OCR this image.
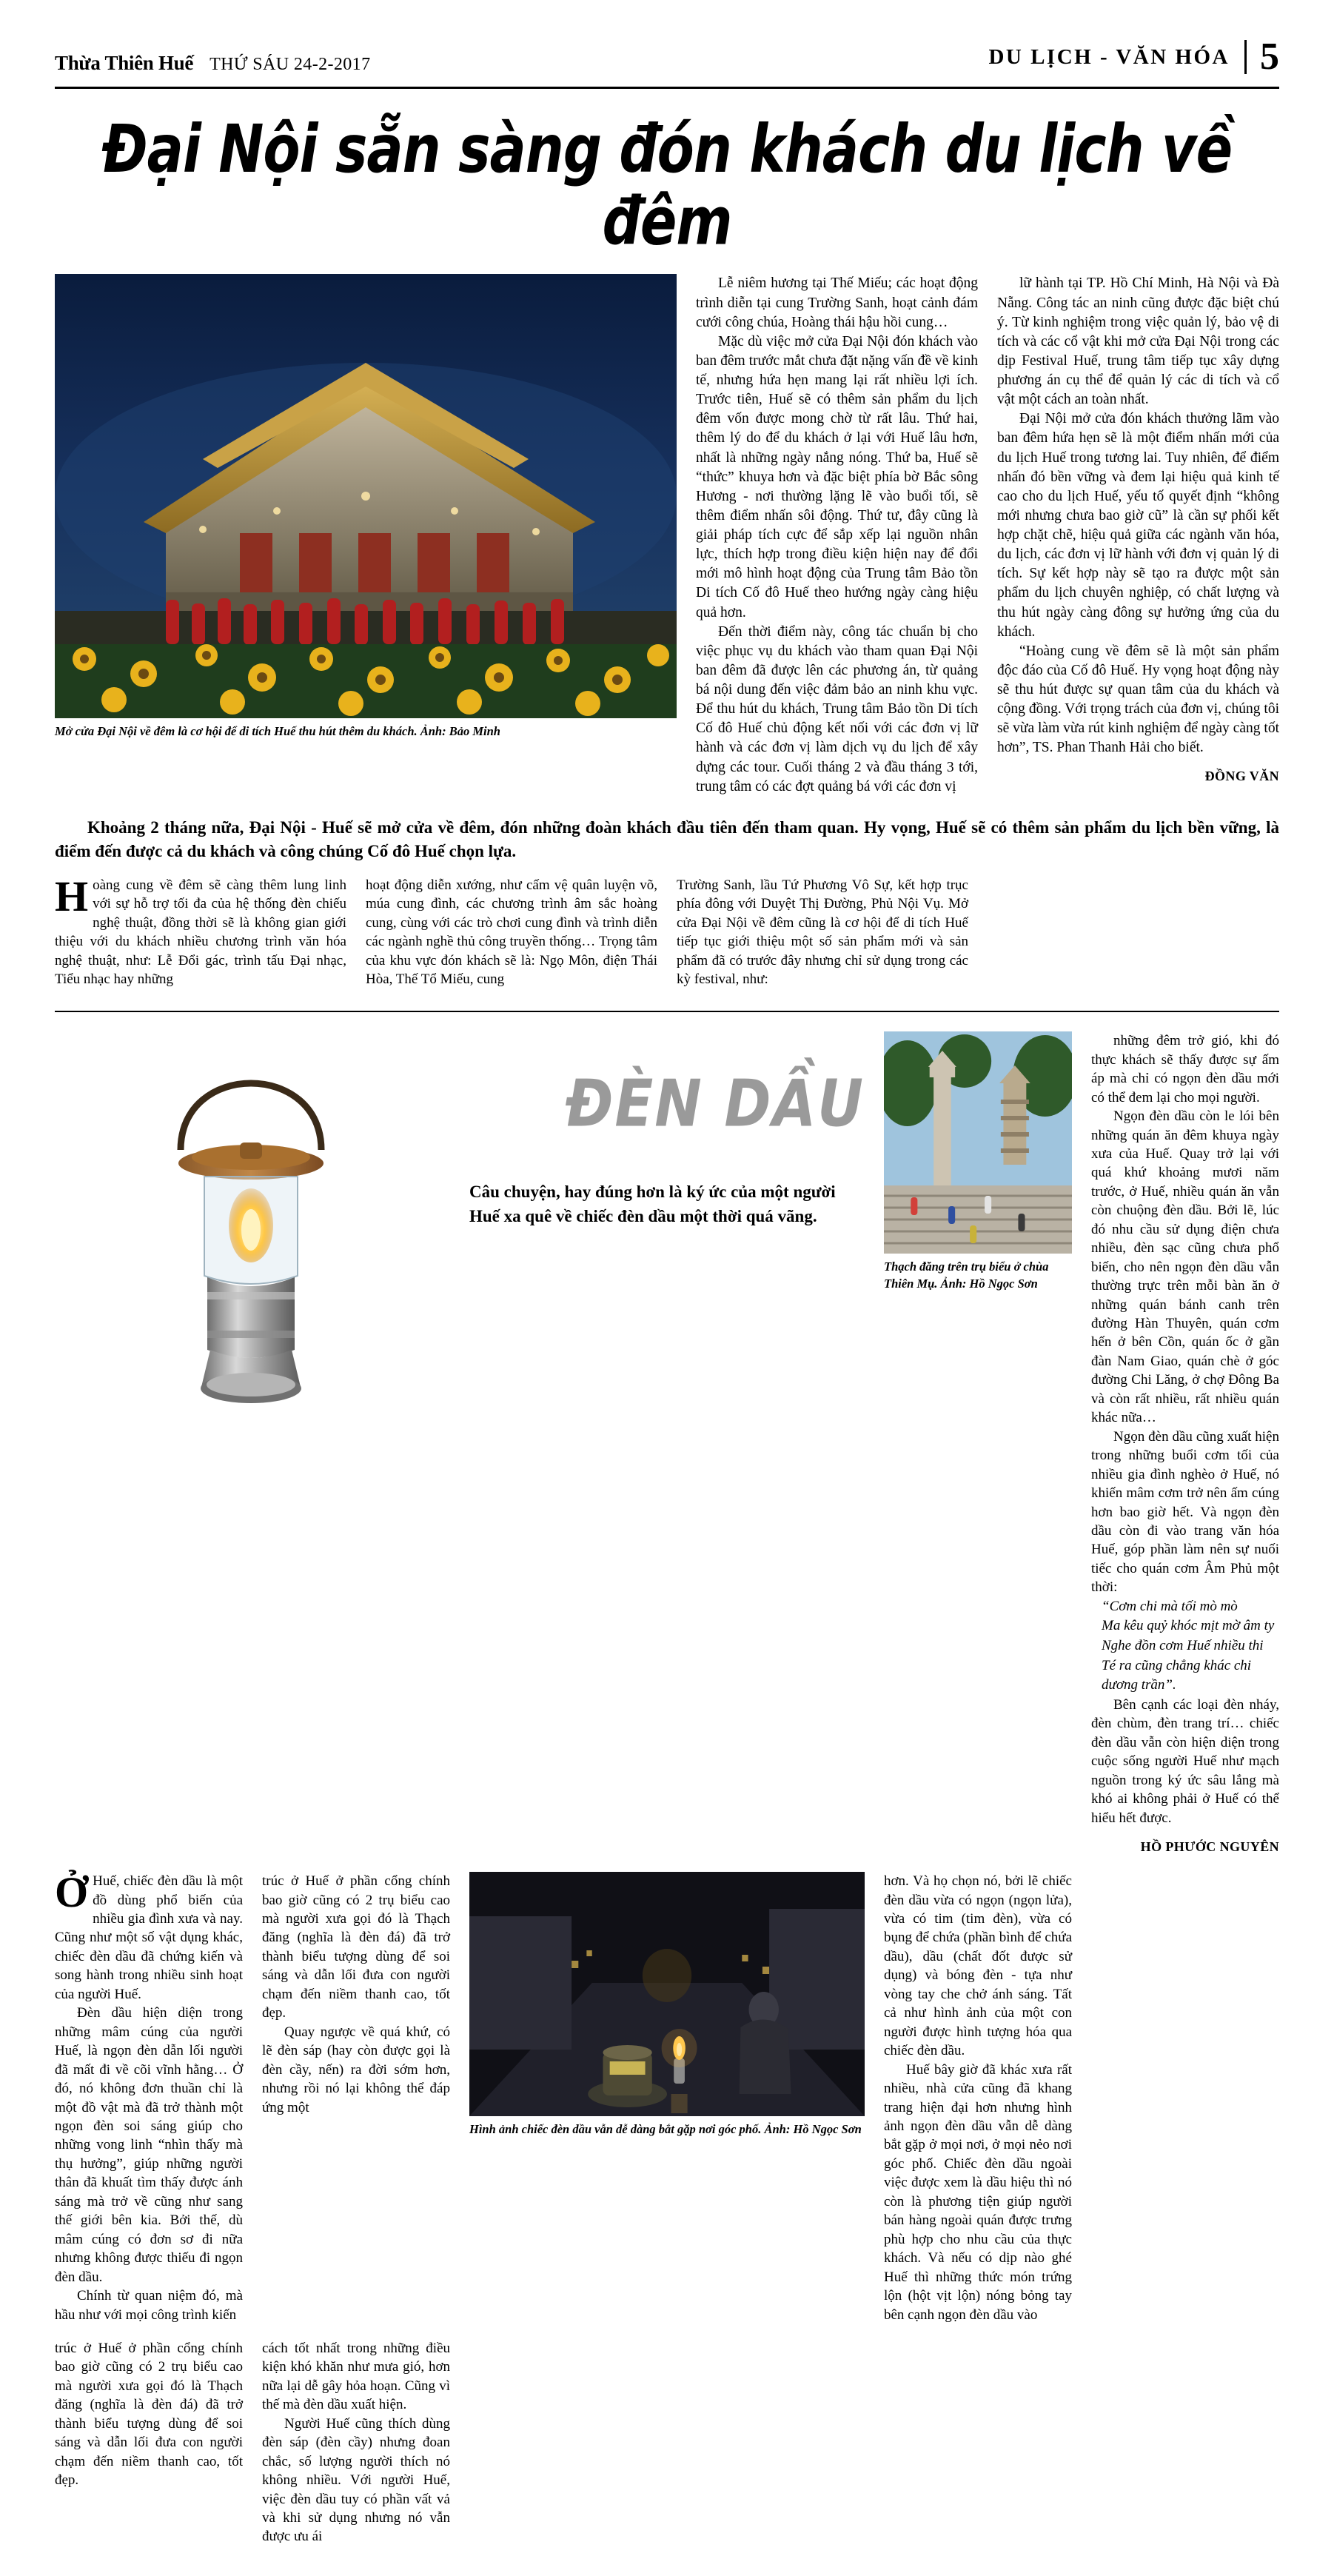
Thừa Thiên Huế THỨ SÁU 24-2-2017	DU LỊCH - VĂN HÓA 5
Đại Nội sẵn sàng đón khách du lịch về đêm
Mở cửa Đại Nội về đêm là cơ hội để di tích Huế thu hút thêm du khách. Ảnh: Bảo Minh

Lễ niêm hương tại Thế Miếu; các hoạt động trình diễn tại cung Trường Sanh, hoạt cảnh đám cưới công chúa, Hoàng thái hậu hồi cung…

Mặc dù việc mở cửa Đại Nội đón khách vào ban đêm trước mắt chưa đặt nặng vấn đề về kinh tế, nhưng hứa hẹn mang lại rất nhiều lợi ích. Trước tiên, Huế sẽ có thêm sản phẩm du lịch đêm vốn được mong chờ từ rất lâu. Thứ hai, thêm lý do để du khách ở lại với Huế lâu hơn, nhất là những ngày nắng nóng. Thứ ba, Huế sẽ “thức” khuya hơn và đặc biệt phía bờ Bắc sông Hương - nơi thường lặng lẽ vào buổi tối, sẽ thêm điểm nhấn sôi động. Thứ tư, đây cũng là giải pháp tích cực để sắp xếp lại nguồn nhân lực, thích hợp trong điều kiện hiện nay để đổi mới mô hình hoạt động của Trung tâm Bảo tồn Di tích Cố đô Huế theo hướng ngày càng hiệu quả hơn.

Đến thời điểm này, công tác chuẩn bị cho việc phục vụ du khách vào tham quan Đại Nội ban đêm đã được lên các phương án, từ quảng bá nội dung đến việc đảm bảo an ninh khu vực. Để thu hút du khách, Trung tâm Bảo tồn Di tích Cố đô Huế chủ động kết nối với các đơn vị lữ hành và các đơn vị làm dịch vụ du lịch để xây dựng các tour. Cuối tháng 2 và đầu tháng 3 tới, trung tâm có các đợt quảng bá với các đơn vị

lữ hành tại TP. Hồ Chí Minh, Hà Nội và Đà Nẵng. Công tác an ninh cũng được đặc biệt chú ý. Từ kinh nghiệm trong việc quản lý, bảo vệ di tích và các cổ vật khi mở cửa Đại Nội trong các dịp Festival Huế, trung tâm tiếp tục xây dựng phương án cụ thể để quản lý các di tích và cổ vật một cách an toàn nhất.

Đại Nội mở cửa đón khách thưởng lãm vào ban đêm hứa hẹn sẽ là một điểm nhấn mới của du lịch Huế trong tương lai. Tuy nhiên, để điểm nhấn đó bền vững và đem lại hiệu quả kinh tế cao cho du lịch Huế, yếu tố quyết định “không mới nhưng chưa bao giờ cũ” là cần sự phối kết hợp chặt chẽ, hiệu quả giữa các ngành văn hóa, du lịch, các đơn vị lữ hành với đơn vị quản lý di tích. Sự kết hợp này sẽ tạo ra được một sản phẩm du lịch chuyên nghiệp, có chất lượng và thu hút ngày càng đông sự hưởng ứng của du khách.

“Hoàng cung về đêm sẽ là một sản phẩm độc đáo của Cố đô Huế. Hy vọng hoạt động này sẽ thu hút được sự quan tâm của du khách và cộng đồng. Với trọng trách của đơn vị, chúng tôi sẽ vừa làm vừa rút kinh nghiệm để ngày càng tốt hơn”, TS. Phan Thanh Hải cho biết.

ĐỒNG VĂN
Khoảng 2 tháng nữa, Đại Nội - Huế sẽ mở cửa về đêm, đón những đoàn khách đầu tiên đến tham quan. Hy vọng, Huế sẽ có thêm sản phẩm du lịch bền vững, là điểm đến được cả du khách và công chúng Cố đô Huế chọn lựa.
H oàng cung về đêm sẽ càng thêm lung linh với sự hỗ trợ tối đa của hệ thống đèn chiếu nghệ thuật, đồng thời sẽ là không gian giới thiệu với du khách nhiều chương trình văn hóa nghệ thuật, như: Lễ Đổi gác, trình tấu Đại nhạc, Tiểu nhạc hay những

hoạt động diễn xướng, như cấm vệ quân luyện võ, múa cung đình, các chương trình âm sắc hoàng cung, cùng với các trò chơi cung đình và trình diễn các ngành nghề thủ công truyền thống… Trọng tâm của khu vực đón khách sẽ là: Ngọ Môn, điện Thái Hòa, Thế Tổ Miếu, cung

Trường Sanh, lầu Tứ Phương Vô Sự, kết hợp trục phía đông với Duyệt Thị Đường, Phủ Nội Vụ. Mở cửa Đại Nội về đêm cũng là cơ hội để di tích Huế tiếp tục giới thiệu một số sản phẩm mới và sản phẩm đã có trước đây nhưng chỉ sử dụng trong các kỳ festival, như:

ĐÈN DẦU
Câu chuyện, hay đúng hơn là ký ức của một người Huế xa quê về chiếc đèn dầu một thời quá vãng.
Thạch đăng trên trụ biểu ở chùa Thiên Mụ. Ảnh: Hồ Ngọc Sơn

những đêm trở gió, khi đó thực khách sẽ thấy được sự ấm áp mà chỉ có ngọn đèn dầu mới có thể đem lại cho mọi người.

Ngọn đèn dầu còn le lói bên những quán ăn đêm khuya ngày xưa của Huế. Quay trở lại với quá khứ khoảng mươi năm trước, ở Huế, nhiều quán ăn vẫn còn chuộng đèn dầu. Bởi lẽ, lúc đó nhu cầu sử dụng điện chưa nhiều, đèn sạc cũng chưa phổ biến, cho nên ngọn đèn dầu vẫn thường trực trên mỗi bàn ăn ở những quán bánh canh trên đường Hàn Thuyên, quán cơm hến ở bên Cồn, quán ốc ở gần đàn Nam Giao, quán chè ở góc đường Chi Lăng, ở chợ Đông Ba và còn rất nhiều, rất nhiều quán khác nữa…

Ngọn đèn dầu cũng xuất hiện trong những buổi cơm tối của nhiều gia đình nghèo ở Huế, nó khiến mâm cơm trở nên ấm cúng hơn bao giờ hết. Và ngọn đèn dầu còn đi vào trang văn hóa Huế, góp phần làm nên sự nuối tiếc cho quán cơm Âm Phủ một thời:

“Cơm chi mà tối mò mò

Ma kêu quỷ khóc mịt mờ âm ty

Nghe đồn cơm Huế nhiều thi

Té ra cũng chẳng khác chi

dương trần”.

Bên cạnh các loại đèn nháy, đèn chùm, đèn trang trí… chiếc đèn dầu vẫn còn hiện diện trong cuộc sống người Huế như mạch nguồn trong ký ức sâu lắng mà khó ai không phải ở Huế có thể hiểu hết được.

HỒ PHƯỚC NGUYÊN
Ở Huế, chiếc đèn dầu là một đồ dùng phổ biến của nhiều gia đình xưa và nay. Cũng như một số vật dụng khác, chiếc đèn dầu đã chứng kiến và song hành trong nhiều sinh hoạt của người Huế.

Đèn dầu hiện diện trong những mâm cúng của người Huế, là ngọn đèn dẫn lối người đã mất đi về cõi vĩnh hằng… Ở đó, nó không đơn thuần chỉ là một đồ vật mà đã trở thành một ngọn đèn soi sáng giúp cho những vong linh “nhìn thấy mà thụ hưởng”, giúp những người thân đã khuất tìm thấy được ánh sáng mà trở về cũng như sang thế giới bên kia. Bởi thế, dù mâm cúng có đơn sơ đi nữa nhưng không được thiếu đi ngọn đèn dầu.

Chính từ quan niệm đó, mà hầu như với mọi công trình kiến

trúc ở Huế ở phần cổng chính bao giờ cũng có 2 trụ biểu cao mà người xưa gọi đó là Thạch đăng (nghĩa là đèn đá) đã trở thành biểu tượng dùng để soi sáng và dẫn lối đưa con người chạm đến niềm thanh cao, tốt đẹp.

Quay ngược về quá khứ, có lẽ đèn sáp (hay còn được gọi là đèn cầy, nến) ra đời sớm hơn, nhưng rồi nó lại không thể đáp ứng một

Hình ảnh chiếc đèn dầu vẫn dễ dàng bắt gặp nơi góc phố. Ảnh: Hồ Ngọc Sơn

hơn. Và họ chọn nó, bởi lẽ chiếc đèn dầu vừa có ngọn (ngọn lửa), vừa có tim (tim đèn), vừa có bụng để chứa (phần bình để chứa dầu), dầu (chất đốt được sử dụng) và bóng đèn - tựa như vòng tay che chở ánh sáng. Tất cả như hình ảnh của một con người được hình tượng hóa qua chiếc đèn dầu.

Huế bây giờ đã khác xưa rất nhiều, nhà cửa cũng đã khang trang hiện đại hơn nhưng hình ảnh ngọn đèn dầu vẫn dễ dàng bắt gặp ở mọi nơi, ở mọi nẻo nơi góc phố. Chiếc đèn dầu ngoài việc được xem là dầu hiệu thì nó còn là phương tiện giúp người bán hàng ngoài quán được trưng phù hợp cho nhu cầu của thực khách. Và nếu có dịp nào ghé Huế thì những thức món trứng lộn (hột vịt lộn) nóng bỏng tay bên cạnh ngọn đèn dầu vào

trúc ở Huế ở phần cổng chính bao giờ cũng có 2 trụ biểu cao mà người xưa gọi đó là Thạch đăng (nghĩa là đèn đá) đã trở thành biểu tượng dùng để soi sáng và dẫn lối đưa con người chạm đến niềm thanh cao, tốt đẹp.

cách tốt nhất trong những điều kiện khó khăn như mưa gió, hơn nữa lại dễ gây hỏa hoạn. Cũng vì thế mà đèn dầu xuất hiện.

Người Huế cũng thích dùng đèn sáp (đèn cầy) nhưng đoan chắc, số lượng người thích nó không nhiều. Với người Huế, việc đèn dầu tuy có phần vất vả và khi sử dụng nhưng nó vẫn được ưu ái
